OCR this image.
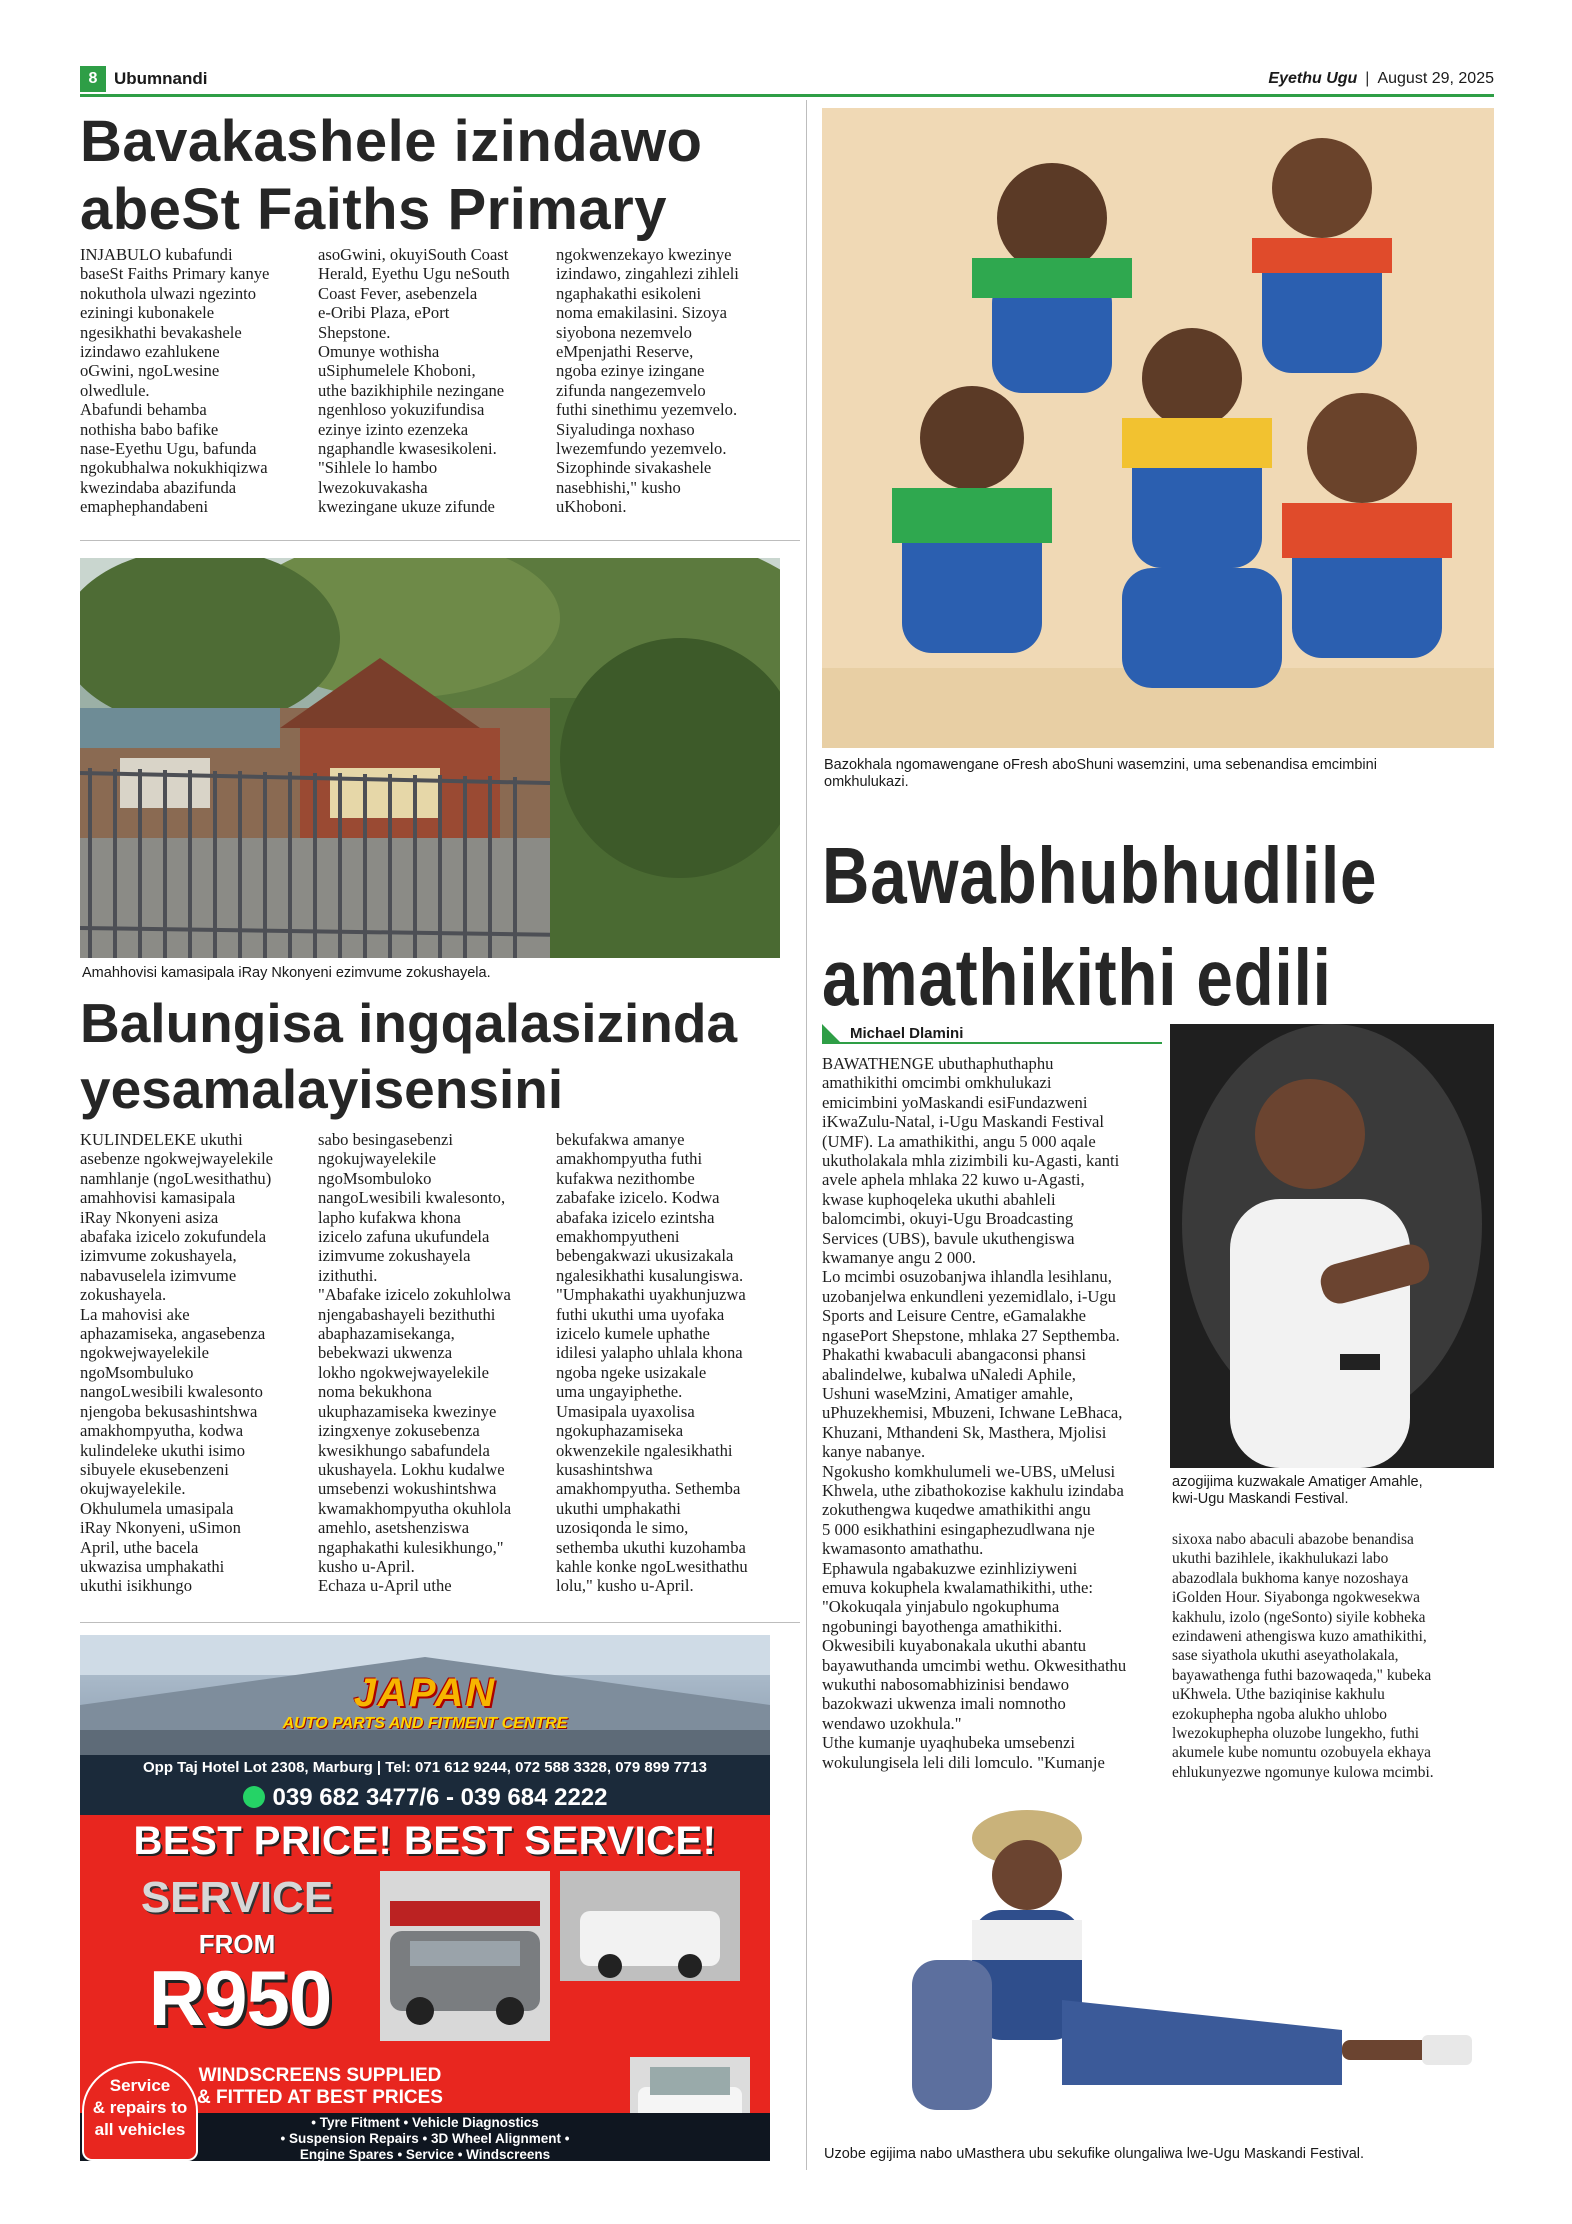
8 Ubumnandi	Eyethu Ugu | August 29, 2025
Bavakashele izindawo
abeSt Faiths Primary

INJABULO kubafundi

baseSt Faiths Primary kanye

nokuthola ulwazi ngezinto

eziningi kubonakele

ngesikhathi bevakashele

izindawo ezahlukene

oGwini, ngoLwesine

olwedlule.

Abafundi behamba

nothisha babo bafike

nase-Eyethu Ugu, bafunda

ngokubhalwa nokukhiqizwa

kwezindaba abazifunda

emaphephandabeni

asoGwini, okuyiSouth Coast

Herald, Eyethu Ugu neSouth

Coast Fever, asebenzela

e-Oribi Plaza, ePort

Shepstone.

Omunye wothisha

uSiphumelele Khoboni,

uthe bazikhiphile nezingane

ngenhloso yokuzifundisa

ezinye izinto ezenzeka

ngaphandle kwasesikoleni.

"Sihlele lo hambo

lwezokuvakasha

kwezingane ukuze zifunde

ngokwenzekayo kwezinye

izindawo, zingahlezi zihleli

ngaphakathi esikoleni

noma emakilasini. Sizoya

siyobona nezemvelo

eMpenjathi Reserve,

ngoba ezinye izingane

zifunda nangezemvelo

futhi sinethimu yezemvelo.

Siyaludinga noxhaso

lwezemfundo yezemvelo.

Sizophinde sivakashele

nasebhishi," kusho

uKhoboni.

Amahhovisi kamasipala iRay Nkonyeni ezimvume zokushayela.
Balungisa ingqalasizinda
yesamalayisensini

KULINDELEKE ukuthi

asebenze ngokwejwayelekile

namhlanje (ngoLwesithathu)

amahhovisi kamasipala

iRay Nkonyeni asiza

abafaka izicelo zokufundela

izimvume zokushayela,

nabavuselela izimvume

zokushayela.

La mahovisi ake

aphazamiseka, angasebenza

ngokwejwayelekile

ngoMsombuluko

nangoLwesibili kwalesonto

njengoba bekusashintshwa

amakhompyutha, kodwa

kulindeleke ukuthi isimo

sibuyele ekusebenzeni

okujwayelekile.

Okhulumela umasipala

iRay Nkonyeni, uSimon

April, uthe bacela

ukwazisa umphakathi

ukuthi isikhungo

sabo besingasebenzi

ngokujwayelekile

ngoMsombuloko

nangoLwesibili kwalesonto,

lapho kufakwa khona

izicelo zafuna ukufundela

izimvume zokushayela

izithuthi.

"Abafake izicelo zokuhlolwa

njengabashayeli bezithuthi

abaphazamisekanga,

bebekwazi ukwenza

lokho ngokwejwayelekile

noma bekukhona

ukuphazamiseka kwezinye

izingxenye zokusebenza

kwesikhungo sabafundela

ukushayela. Lokhu kudalwe

umsebenzi wokushintshwa

kwamakhompyutha okuhlola

amehlo, asetshenziswa

ngaphakathi kulesikhungo,"

kusho u-April.

Echaza u-April uthe

bekufakwa amanye

amakhompyutha futhi

kufakwa nezithombe

zabafake izicelo. Kodwa

abafaka izicelo ezintsha

emakhompyutheni

bebengakwazi ukusizakala

ngalesikhathi kusalungiswa.

"Umphakathi uyakhunjuzwa

futhi ukuthi uma uyofaka

izicelo kumele uphathe

idilesi yalapho uhlala khona

ngoba ngeke usizakale

uma ungayiphethe.

Umasipala uyaxolisa

ngokuphazamiseka

okwenzekile ngalesikhathi

kusashintshwa

amakhompyutha. Sethemba

ukuthi umphakathi

uzosiqonda le simo,

sethemba ukuthi kuzohamba

kahle konke ngoLwesithathu

lolu," kusho u-April.

JAPAN
AUTO PARTS AND FITMENT CENTRE
Opp Taj Hotel Lot 2308, Marburg | Tel: 071 612 9244, 072 588 3328, 079 899 7713
039 682 3477/6 - 039 684 2222
BEST PRICE! BEST SERVICE!
SERVICE
FROM
R950
WINDSCREENS SUPPLIED
& FITTED AT BEST PRICES
Service
& repairs to
all vehicles	• Tyre Fitment • Vehicle Diagnostics
• Suspension Repairs • 3D Wheel Alignment •
Engine Spares • Service • Windscreens
Bazokhala ngomawengane oFresh aboShuni wasemzini, uma sebenandisa emcimbini
omkhulukazi.
Bawabhubhudlile
amathikithi edili
Michael Dlamini

BAWATHENGE ubuthaphuthaphu

amathikithi omcimbi omkhulukazi

emicimbini yoMaskandi esiFundazweni

iKwaZulu-Natal, i-Ugu Maskandi Festival

(UMF). La amathikithi, angu 5 000 aqale

ukutholakala mhla zizimbili ku-Agasti, kanti

avele aphela mhlaka 22 kuwo u-Agasti,

kwase kuphoqeleka ukuthi abahleli

balomcimbi, okuyi-Ugu Broadcasting

Services (UBS), bavule ukuthengiswa

kwamanye angu 2 000.

Lo mcimbi osuzobanjwa ihlandla lesihlanu,

uzobanjelwa enkundleni yezemidlalo, i-Ugu

Sports and Leisure Centre, eGamalakhe

ngasePort Shepstone, mhlaka 27 Septhemba.

Phakathi kwabaculi abangaconsi phansi

abalindelwe, kubalwa uNaledi Aphile,

Ushuni waseMzini, Amatiger amahle,

uPhuzekhemisi, Mbuzeni, Ichwane LeBhaca,

Khuzani, Mthandeni Sk, Masthera, Mjolisi

kanye nabanye.

Ngokusho komkhulumeli we-UBS, uMelusi

Khwela, uthe zibathokozise kakhulu izindaba

zokuthengwa kuqedwe amathikithi angu

5 000 esikhathini esingaphezudlwana nje

kwamasonto amathathu.

Ephawula ngabakuzwe ezinhliziyweni

emuva kokuphela kwalamathikithi, uthe:

"Okokuqala yinjabulo ngokuphuma

ngobuningi bayothenga amathikithi.

Okwesibili kuyabonakala ukuthi abantu

bayawuthanda umcimbi wethu. Okwesithathu

wukuthi nabosomabhizinisi bendawo

bazokwazi ukwenza imali nomnotho

wendawo uzokhula."

Uthe kumanje uyaqhubeka umsebenzi

wokulungisela leli dili lomculo. "Kumanje

azogijima kuzwakale Amatiger Amahle,
kwi-Ugu Maskandi Festival.

sixoxa nabo abaculi abazobe benandisa

ukuthi bazihlele, ikakhulukazi labo

abazodlala bukhoma kanye nozoshaya

iGolden Hour. Siyabonga ngokwesekwa

kakhulu, izolo (ngeSonto) siyile kobheka

ezindaweni athengiswa kuzo amathikithi,

sase siyathola ukuthi aseyatholakala,

bayawathenga futhi bazowaqeda," kubeka

uKhwela. Uthe baziqinise kakhulu

ezokuphepha ngoba alukho uhlobo

lwezokuphepha oluzobe lungekho, futhi

akumele kube nomuntu ozobuyela ekhaya

ehlukunyezwe ngomunye kulowa mcimbi.

Uzobe egijima nabo uMasthera ubu sekufike olungaliwa lwe-Ugu Maskandi Festival.
